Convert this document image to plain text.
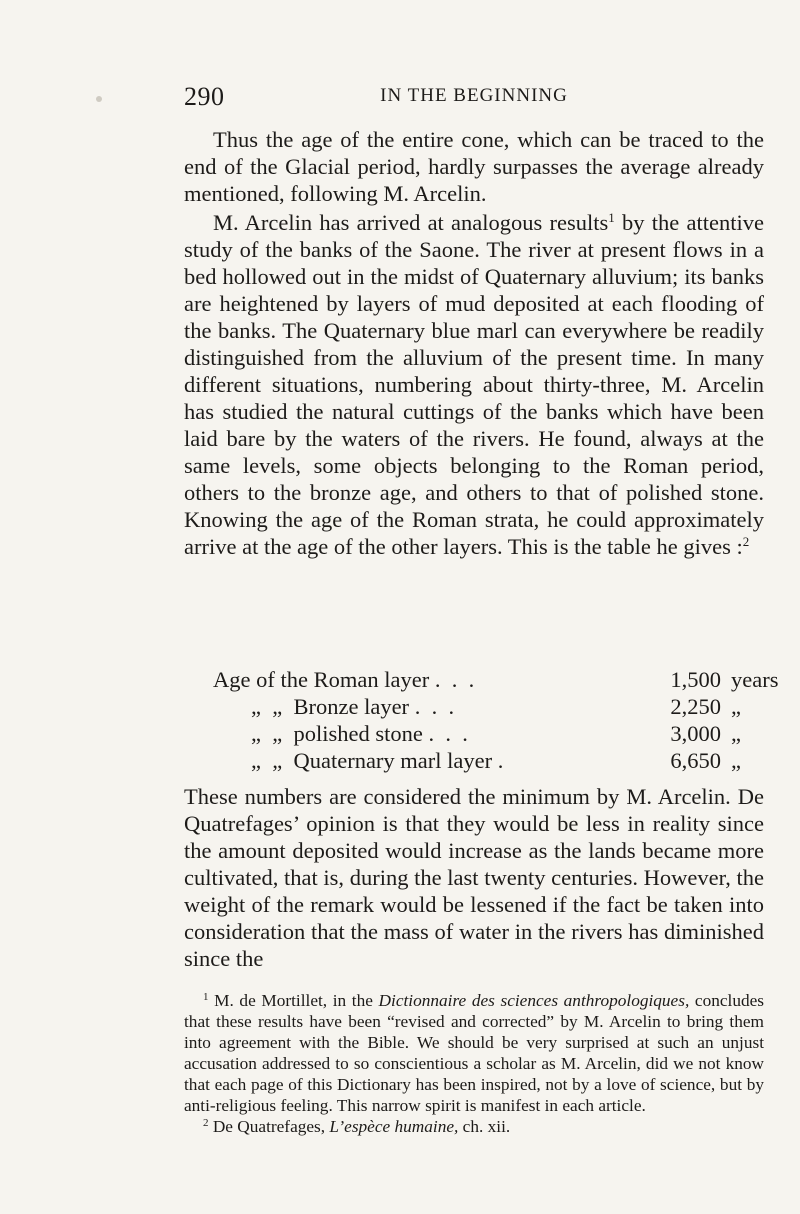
290	IN THE BEGINNING

Thus the age of the entire cone, which can be traced to the end of the Glacial period, hardly surpasses the average already mentioned, following M. Arcelin.

M. Arcelin has arrived at analogous results$^1$ by the attentive study of the banks of the Saone. The river at present flows in a bed hollowed out in the midst of Quaternary alluvium; its banks are heightened by layers of mud deposited at each flooding of the banks. The Quaternary blue marl can everywhere be readily distinguished from the alluvium of the present time. In many different situations, numbering about thirty-three, M. Arcelin has studied the natural cuttings of the banks which have been laid bare by the waters of the rivers. He found, always at the same levels, some objects belonging to the Roman period, others to the bronze age, and others to that of polished stone. Knowing the age of the Roman strata, he could approximately arrive at the age of the other layers. This is the table he gives :$^2$

Age of the Roman layer .  .  .	1,500 years
„  „ Bronze layer .  .  .	2,250 „
„  „ polished stone .  .  .	3,000 „
„  „ Quaternary marl layer .	6,650 „

These numbers are considered the minimum by M. Arcelin. De Quatrefages’ opinion is that they would be less in reality since the amount deposited would increase as the lands became more cultivated, that is, during the last twenty centuries. However, the weight of the remark would be lessened if the fact be taken into consideration that the mass of water in the rivers has diminished since the

$^1$ M. de Mortillet, in the Dictionnaire des sciences anthropologiques, concludes that these results have been “revised and corrected” by M. Arcelin to bring them into agreement with the Bible. We should be very surprised at such an unjust accusation addressed to so conscientious a scholar as M. Arcelin, did we not know that each page of this Dictionary has been inspired, not by a love of science, but by anti-religious feeling. This narrow spirit is manifest in each article.

$^2$ De Quatrefages, L’espèce humaine, ch. xii.
